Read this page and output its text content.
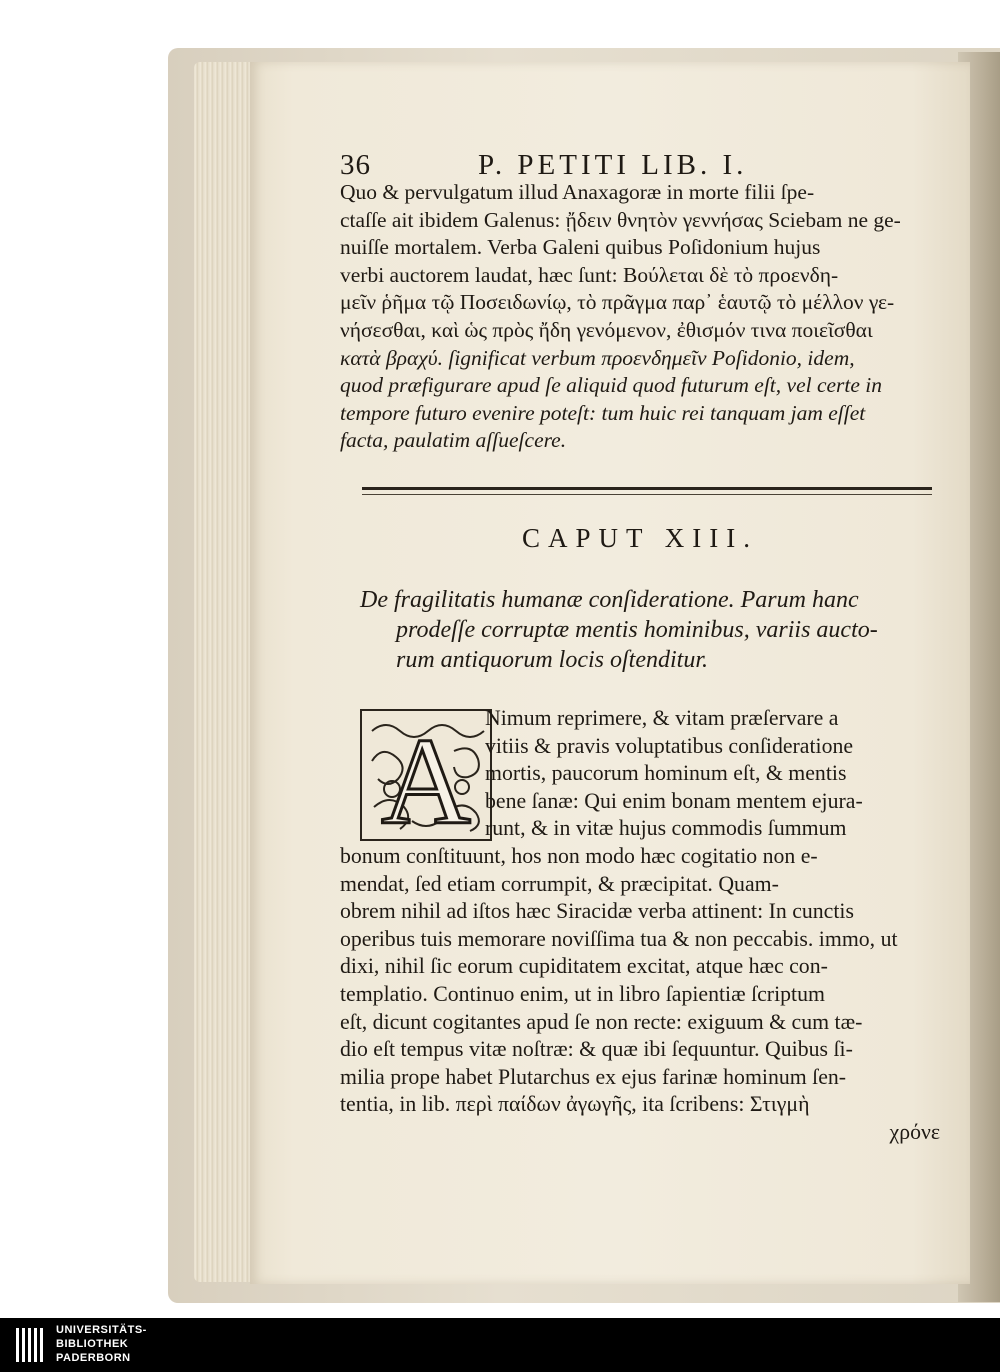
36	P. PETITI LIB. I.
Quo & pervulgatum illud Anaxagoræ in morte filii ſpe-
ctaſſe ait ibidem Galenus: ᾔδειν θνητὸν γεννήσας Sciebam ne ge-
nuiſſe mortalem. Verba Galeni quibus Poſidonium hujus
verbi auctorem laudat, hæc ſunt: Βούλεται δὲ τὸ προενδη-
μεῖν ῥῆμα τῷ Ποσειδωνίῳ, τὸ πρᾶγμα παρ᾽ ἑαυτῷ τὸ μέλλον γε-
νήσεσθαι, καὶ ὡς πρὸς ἤδη γενόμενον, ἐθισμόν τινα ποιεῖσθαι
κατὰ βραχύ. ſignificat verbum προενδημεῖν Poſidonio, idem,
quod præfigurare apud ſe aliquid quod futurum eſt, vel certe in
tempore futuro evenire poteſt: tum huic rei tanquam jam eſſet
facta, paulatim aſſueſcere.
CAPUT XIII.
De fragilitatis humanæ conſideratione. Parum hanc
prodeſſe corruptæ mentis hominibus, variis aucto-
rum antiquorum locis oſtenditur.
A Nimum reprimere, & vitam præſervare a
vitiis & pravis voluptatibus conſideratione
mortis, paucorum hominum eſt, & mentis
bene ſanæ: Qui enim bonam mentem ejura-
runt, & in vitæ hujus commodis ſummum
bonum conſtituunt, hos non modo hæc cogitatio non e-
mendat, ſed etiam corrumpit, & præcipitat. Quam-
obrem nihil ad iſtos hæc Siracidæ verba attinent: In cunctis
operibus tuis memorare noviſſima tua & non peccabis. immo, ut
dixi, nihil ſic eorum cupiditatem excitat, atque hæc con-
templatio. Continuo enim, ut in libro ſapientiæ ſcriptum
eſt, dicunt cogitantes apud ſe non recte: exiguum & cum tæ-
dio eſt tempus vitæ noſtræ: & quæ ibi ſequuntur. Quibus ſi-
milia prope habet Plutarchus ex ejus farinæ hominum ſen-
tentia, in lib. περὶ παίδων ἀγωγῆς, ita ſcribens: Στιγμὴ
χρόνε
UNIVERSITÄTS-
BIBLIOTHEK
PADERBORN
